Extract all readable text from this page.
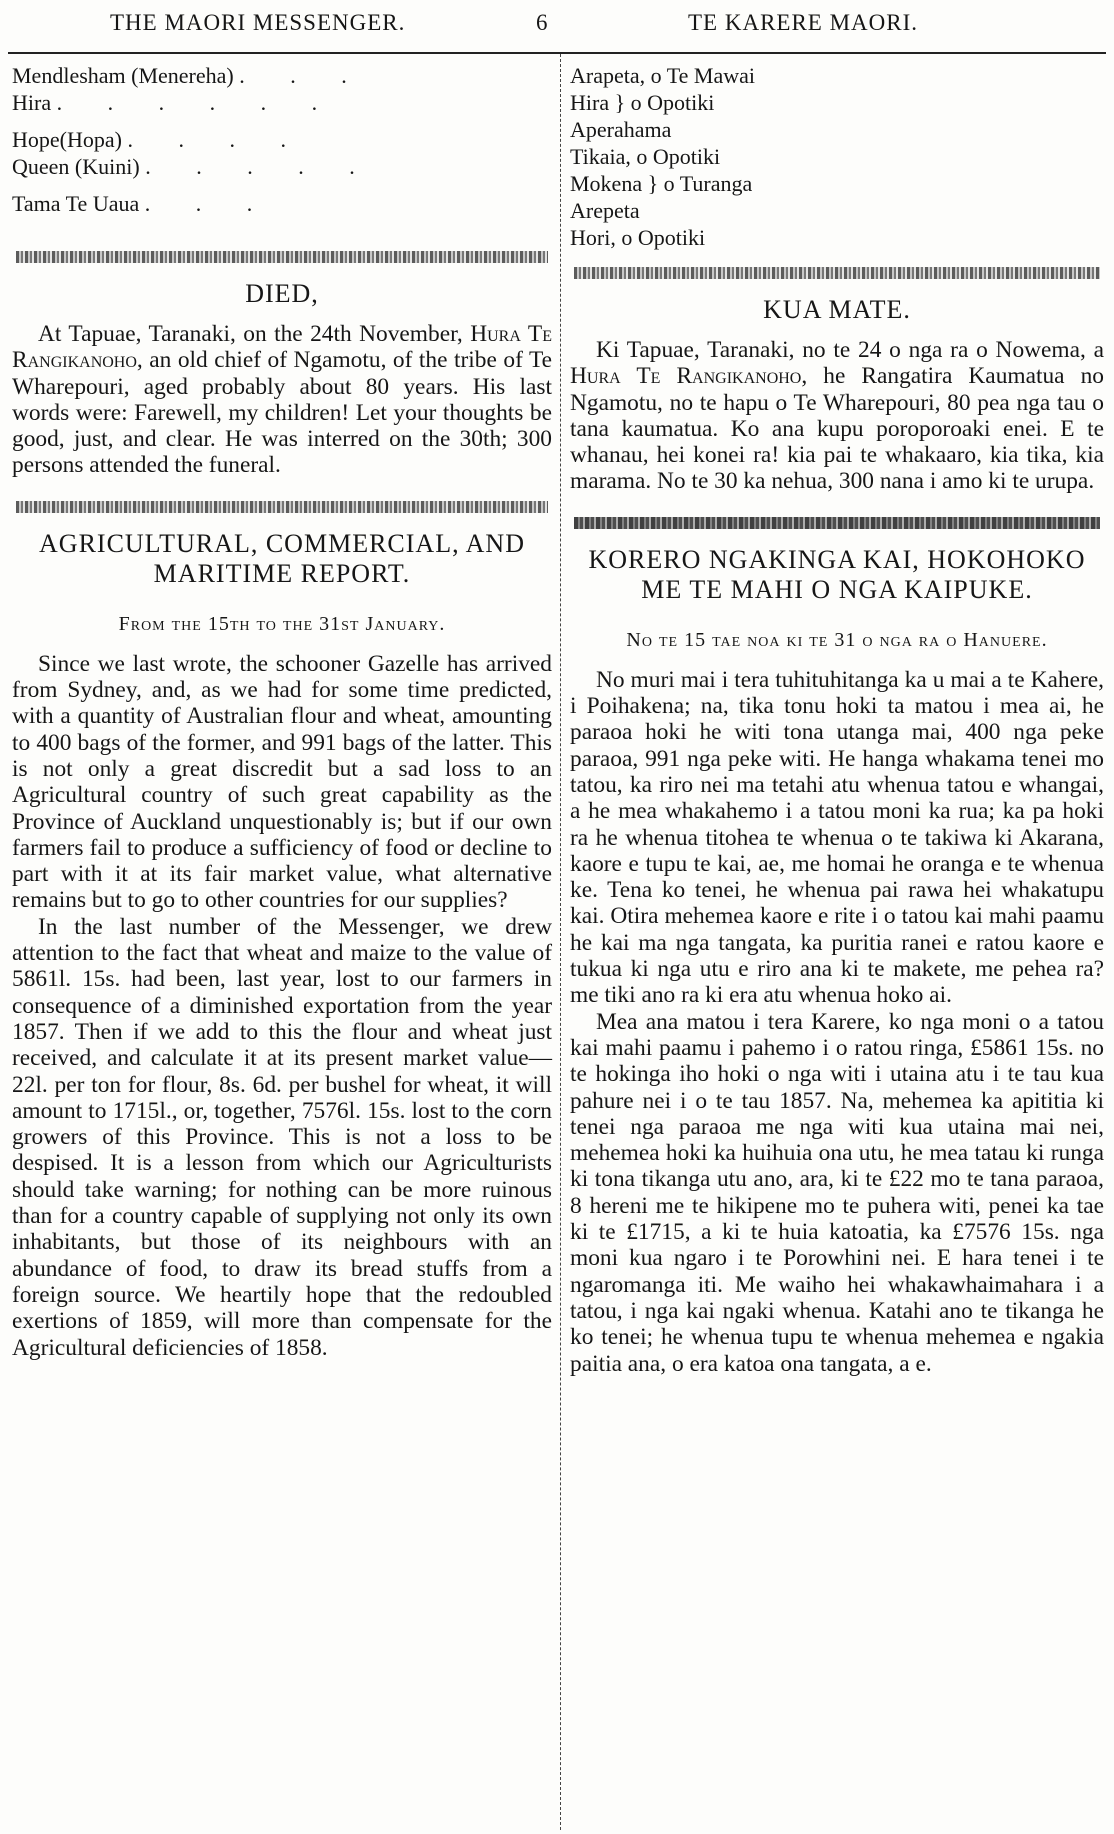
THE MAORI MESSENGER.	6	TE KARERE MAORI.
Mendlesham (Menereha) . . .
Hira . . . . . .
Hope(Hopa) . . . .
Queen (Kuini) . . . . .
Tama Te Uaua . . .
DIED,

At Tapuae, Taranaki, on the 24th November, Hura Te Rangikanoho, an old chief of Ngamotu, of the tribe of Te Wharepouri, aged probably about 80 years. His last words were: Farewell, my children! Let your thoughts be good, just, and clear. He was interred on the 30th; 300 persons attended the funeral.

AGRICULTURAL, COMMERCIAL, AND MARITIME REPORT.
From the 15th to the 31st January.

Since we last wrote, the schooner Gazelle has arrived from Sydney, and, as we had for some time predicted, with a quantity of Australian flour and wheat, amounting to 400 bags of the former, and 991 bags of the latter. This is not only a great discredit but a sad loss to an Agricultural country of such great capability as the Province of Auckland unquestionably is; but if our own farmers fail to produce a sufficiency of food or decline to part with it at its fair market value, what alternative remains but to go to other countries for our supplies?

In the last number of the Messenger, we drew attention to the fact that wheat and maize to the value of 5861l. 15s. had been, last year, lost to our farmers in consequence of a diminished exportation from the year 1857. Then if we add to this the flour and wheat just received, and calculate it at its present market value—22l. per ton for flour, 8s. 6d. per bushel for wheat, it will amount to 1715l., or, together, 7576l. 15s. lost to the corn growers of this Province. This is not a loss to be despised. It is a lesson from which our Agriculturists should take warning; for nothing can be more ruinous than for a country capable of supplying not only its own inhabitants, but those of its neighbours with an abundance of food, to draw its bread stuffs from a foreign source. We heartily hope that the redoubled exertions of 1859, will more than compensate for the Agricultural deficiencies of 1858.

Arapeta, o Te Mawai
Hira } o Opotiki
Aperahama
Tikaia, o Opotiki
Mokena } o Turanga
Arepeta
Hori, o Opotiki
KUA MATE.

Ki Tapuae, Taranaki, no te 24 o nga ra o Nowema, a Hura Te Rangikanoho, he Rangatira Kaumatua no Ngamotu, no te hapu o Te Wharepouri, 80 pea nga tau o tana kaumatua. Ko ana kupu poroporoaki enei. E te whanau, hei konei ra! kia pai te whakaaro, kia tika, kia marama. No te 30 ka nehua, 300 nana i amo ki te urupa.

KORERO NGAKINGA KAI, HOKOHOKO ME TE MAHI O NGA KAIPUKE.
No te 15 tae noa ki te 31 o nga ra o Hanuere.

No muri mai i tera tuhituhitanga ka u mai a te Kahere, i Poihakena; na, tika tonu hoki ta matou i mea ai, he paraoa hoki he witi tona utanga mai, 400 nga peke paraoa, 991 nga peke witi. He hanga whakama tenei mo tatou, ka riro nei ma tetahi atu whenua tatou e whangai, a he mea whakahemo i a tatou moni ka rua; ka pa hoki ra he whenua titohea te whenua o te takiwa ki Akarana, kaore e tupu te kai, ae, me homai he oranga e te whenua ke. Tena ko tenei, he whenua pai rawa hei whakatupu kai. Otira mehemea kaore e rite i o tatou kai mahi paamu he kai ma nga tangata, ka puritia ranei e ratou kaore e tukua ki nga utu e riro ana ki te makete, me pehea ra? me tiki ano ra ki era atu whenua hoko ai.

Mea ana matou i tera Karere, ko nga moni o a tatou kai mahi paamu i pahemo i o ratou ringa, £5861 15s. no te hokinga iho hoki o nga witi i utaina atu i te tau kua pahure nei i o te tau 1857. Na, mehemea ka apititia ki tenei nga paraoa me nga witi kua utaina mai nei, mehemea hoki ka huihuia ona utu, he mea tatau ki runga ki tona tikanga utu ano, ara, ki te £22 mo te tana paraoa, 8 hereni me te hikipene mo te puhera witi, penei ka tae ki te £1715, a ki te huia katoatia, ka £7576 15s. nga moni kua ngaro i te Porowhini nei. E hara tenei i te ngaromanga iti. Me waiho hei whakawhaimahara i a tatou, i nga kai ngaki whenua. Katahi ano te tikanga he ko tenei; he whenua tupu te whenua mehemea e ngakia paitia ana, o era katoa ona tangata, a e.
